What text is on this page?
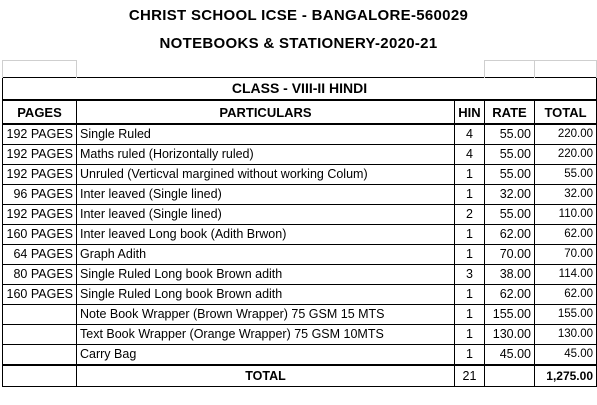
CHRIST SCHOOL ICSE - BANGALORE-560029
NOTEBOOKS & STATIONERY-2020-21

CLASS - VIII-II HINDI				
PAGES	PARTICULARS	HIN	RATE	TOTAL
192 PAGES	Single Ruled	4	55.00	220.00
192 PAGES	Maths ruled (Horizontally ruled)	4	55.00	220.00
192 PAGES	Unruled (Verticval margined without working Colum)	1	55.00	55.00
96 PAGES	Inter leaved (Single lined)	1	32.00	32.00
192 PAGES	Inter leaved (Single lined)	2	55.00	110.00
160 PAGES	Inter leaved Long book (Adith Brwon)	1	62.00	62.00
64 PAGES	Graph Adith	1	70.00	70.00
80 PAGES	Single Ruled Long book Brown adith	3	38.00	114.00
160 PAGES	Single Ruled Long book Brown adith	1	62.00	62.00
	Note Book Wrapper (Brown Wrapper) 75 GSM 15 MTS	1	155.00	155.00
	Text Book Wrapper (Orange Wrapper) 75 GSM 10MTS	1	130.00	130.00
	Carry Bag	1	45.00	45.00
	TOTAL	21		1,275.00
